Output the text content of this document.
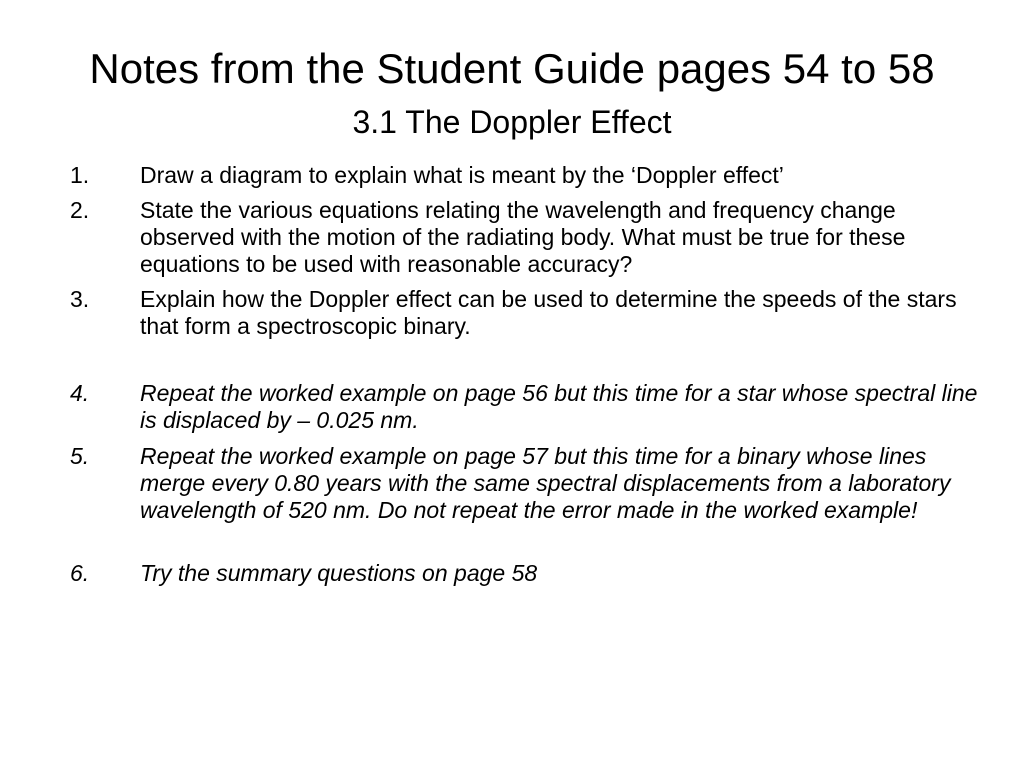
Notes from the Student Guide pages 54 to 58
3.1 The Doppler Effect
1. Draw a diagram to explain what is meant by the ‘Doppler effect’
2. State the various equations relating the wavelength and frequency change observed with the motion of the radiating body. What must be true for these equations to be used with reasonable accuracy?
3. Explain how the Doppler effect can be used to determine the speeds of the stars that form a spectroscopic binary.
4. Repeat the worked example on page 56 but this time for a star whose spectral line is displaced by – 0.025 nm.
5. Repeat the worked example on page 57 but this time for a binary whose lines merge every 0.80 years with the same spectral displacements from a laboratory wavelength of 520 nm. Do not repeat the error made in the worked example!
6. Try the summary questions on page 58
